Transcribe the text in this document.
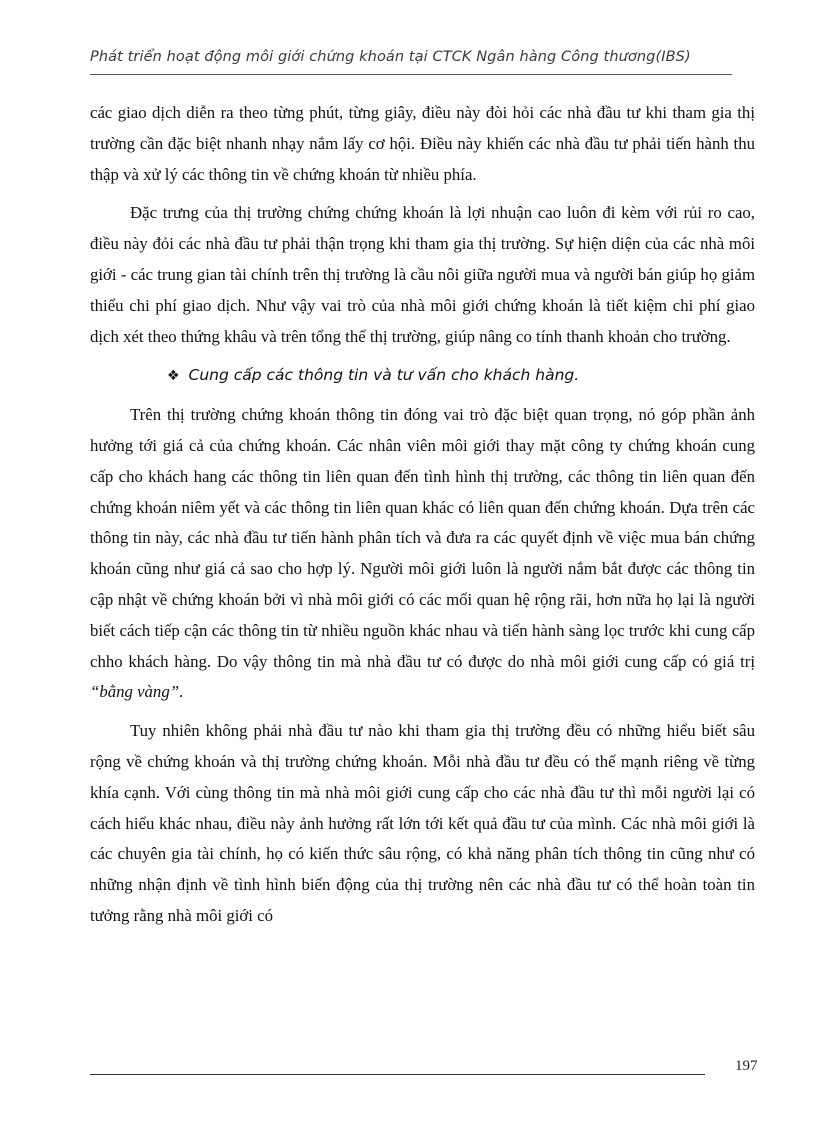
Phát triển hoạt động môi giới chứng khoán tại CTCK Ngân hàng Công thương(IBS)

các giao dịch diễn ra theo từng phút, từng giây, điều này đòi hỏi các nhà đầu tư khi tham gia thị trường cần đặc biệt nhanh nhạy nắm lấy cơ hội. Điều này khiến các nhà đầu tư phải tiến hành thu thập và xử lý các thông tin về chứng khoán từ nhiều phía.

Đặc trưng của thị trường chứng chứng khoán là lợi nhuận cao luôn đi kèm với rủi ro cao, điều này đỏi các nhà đầu tư phải thận trọng khi tham gia thị trường. Sự hiện diện của các nhà môi giới - các trung gian tài chính trên thị trường là cầu nôi giữa người mua và người bán giúp họ giảm thiểu chi phí giao dịch. Như vậy vai trò của nhà môi giới chứng khoán là tiết kiệm chi phí giao dịch xét theo thứng khâu và trên tổng thể thị trường, giúp nâng co tính thanh khoản cho trường.

❖ Cung cấp các thông tin và tư vấn cho khách hàng.

Trên thị trường chứng khoán thông tin đóng vai trò đặc biệt quan trọng, nó góp phần ảnh hưởng tới giá cả của chứng khoán. Các nhân viên môi giới thay mặt công ty chứng khoán cung cấp cho khách hang các thông tin liên quan đến tình hình thị trường, các thông tin liên quan đến chứng khoán niêm yết và các thông tin liên quan khác có liên quan đến chứng khoán. Dựa trên các thông tin này, các nhà đầu tư tiến hành phân tích và đưa ra các quyết định về việc mua bán chứng khoán cũng như giá cả sao cho hợp lý. Người môi giới luôn là người nắm bắt được các thông tin cập nhật về chứng khoán bởi vì nhà môi giới có các mối quan hệ rộng rãi, hơn nữa họ lại là người biết cách tiếp cận các thông tin từ nhiều nguồn khác nhau và tiến hành sàng lọc trước khi cung cấp chho khách hàng. Do vậy thông tin mà nhà đầu tư có được do nhà môi giới cung cấp có giá trị “bằng vàng”.

Tuy nhiên không phải nhà đầu tư nào khi tham gia thị trường đều có những hiểu biết sâu rộng về chứng khoán và thị trường chứng khoán. Mỗi nhà đầu tư đều có thế mạnh riêng về từng khía cạnh. Với cùng thông tin mà nhà môi giới cung cấp cho các nhà đầu tư thì mỗi người lại có cách hiểu khác nhau, điều này ảnh hưởng rất lớn tới kết quả đầu tư của mình. Các nhà môi giới là các chuyên gia tài chính, họ có kiến thức sâu rộng, có khả năng phân tích thông tin cũng như có những nhận định về tình hình biến động của thị trường nên các nhà đầu tư có thể hoàn toàn tin tưởng rằng nhà môi giới có

197
